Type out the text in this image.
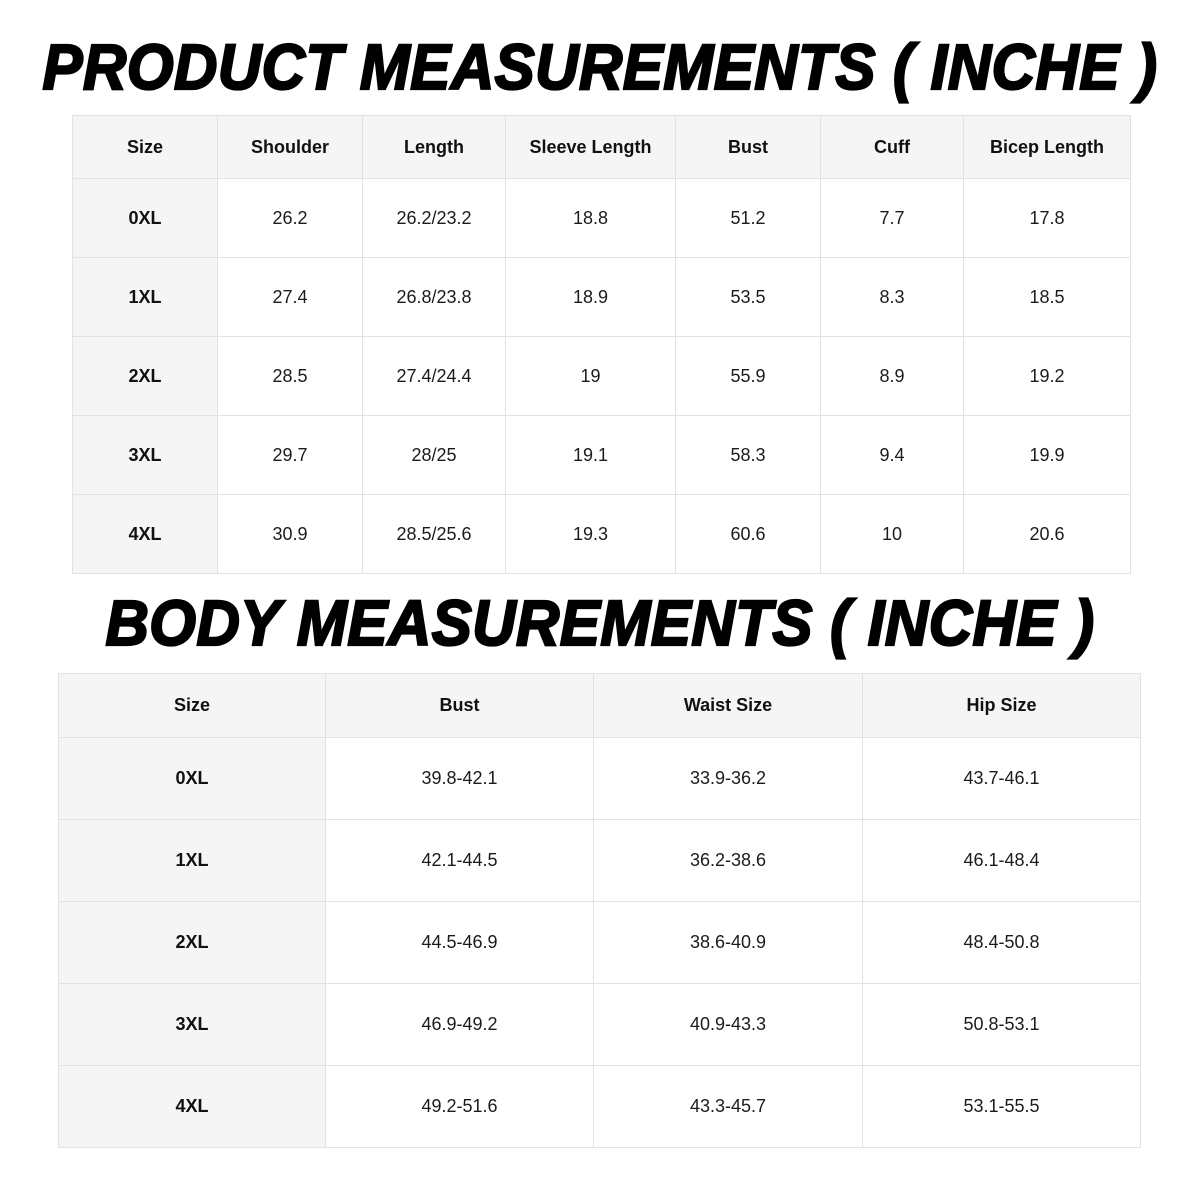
PRODUCT MEASUREMENTS ( INCHE )
Size	Shoulder	Length	Sleeve Length	Bust	Cuff	Bicep Length
0XL	26.2	26.2/23.2	18.8	51.2	7.7	17.8
1XL	27.4	26.8/23.8	18.9	53.5	8.3	18.5
2XL	28.5	27.4/24.4	19	55.9	8.9	19.2
3XL	29.7	28/25	19.1	58.3	9.4	19.9
4XL	30.9	28.5/25.6	19.3	60.6	10	20.6
BODY MEASUREMENTS ( INCHE )
Size	Bust	Waist Size	Hip Size
0XL	39.8-42.1	33.9-36.2	43.7-46.1
1XL	42.1-44.5	36.2-38.6	46.1-48.4
2XL	44.5-46.9	38.6-40.9	48.4-50.8
3XL	46.9-49.2	40.9-43.3	50.8-53.1
4XL	49.2-51.6	43.3-45.7	53.1-55.5
